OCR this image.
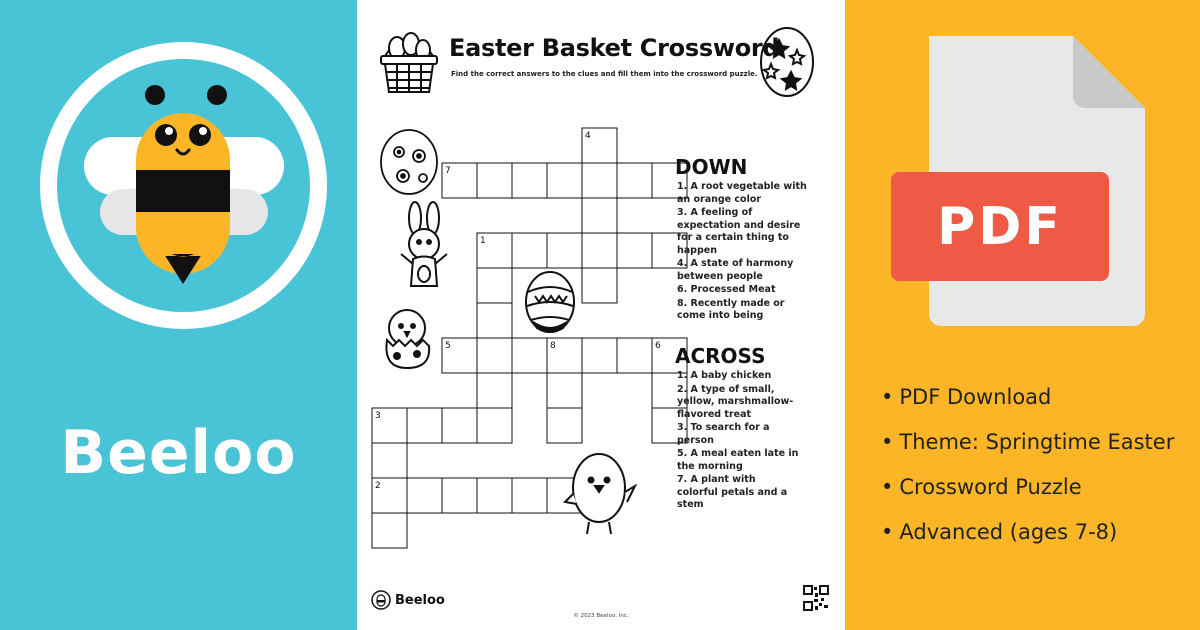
Beeloo
7
4
1
5	8	6
3
2
Easter Basket Crossword
Find the correct answers to the clues and fill them into the crossword puzzle.
DOWN
1. A root vegetable with an orange color
3. A feeling of expectation and desire for a certain thing to happen
4. A state of harmony between people
6. Processed Meat
8. Recently made or come into being
ACROSS
1. A baby chicken
2. A type of small, yellow, marshmallow-flavored treat
3. To search for a person
5. A meal eaten late in the morning
7. A plant with colorful petals and a stem
Beeloo
© 2023 Beeloo, Inc.
PDF
• PDF Download
• Theme: Springtime Easter
• Crossword Puzzle
• Advanced (ages 7-8)
